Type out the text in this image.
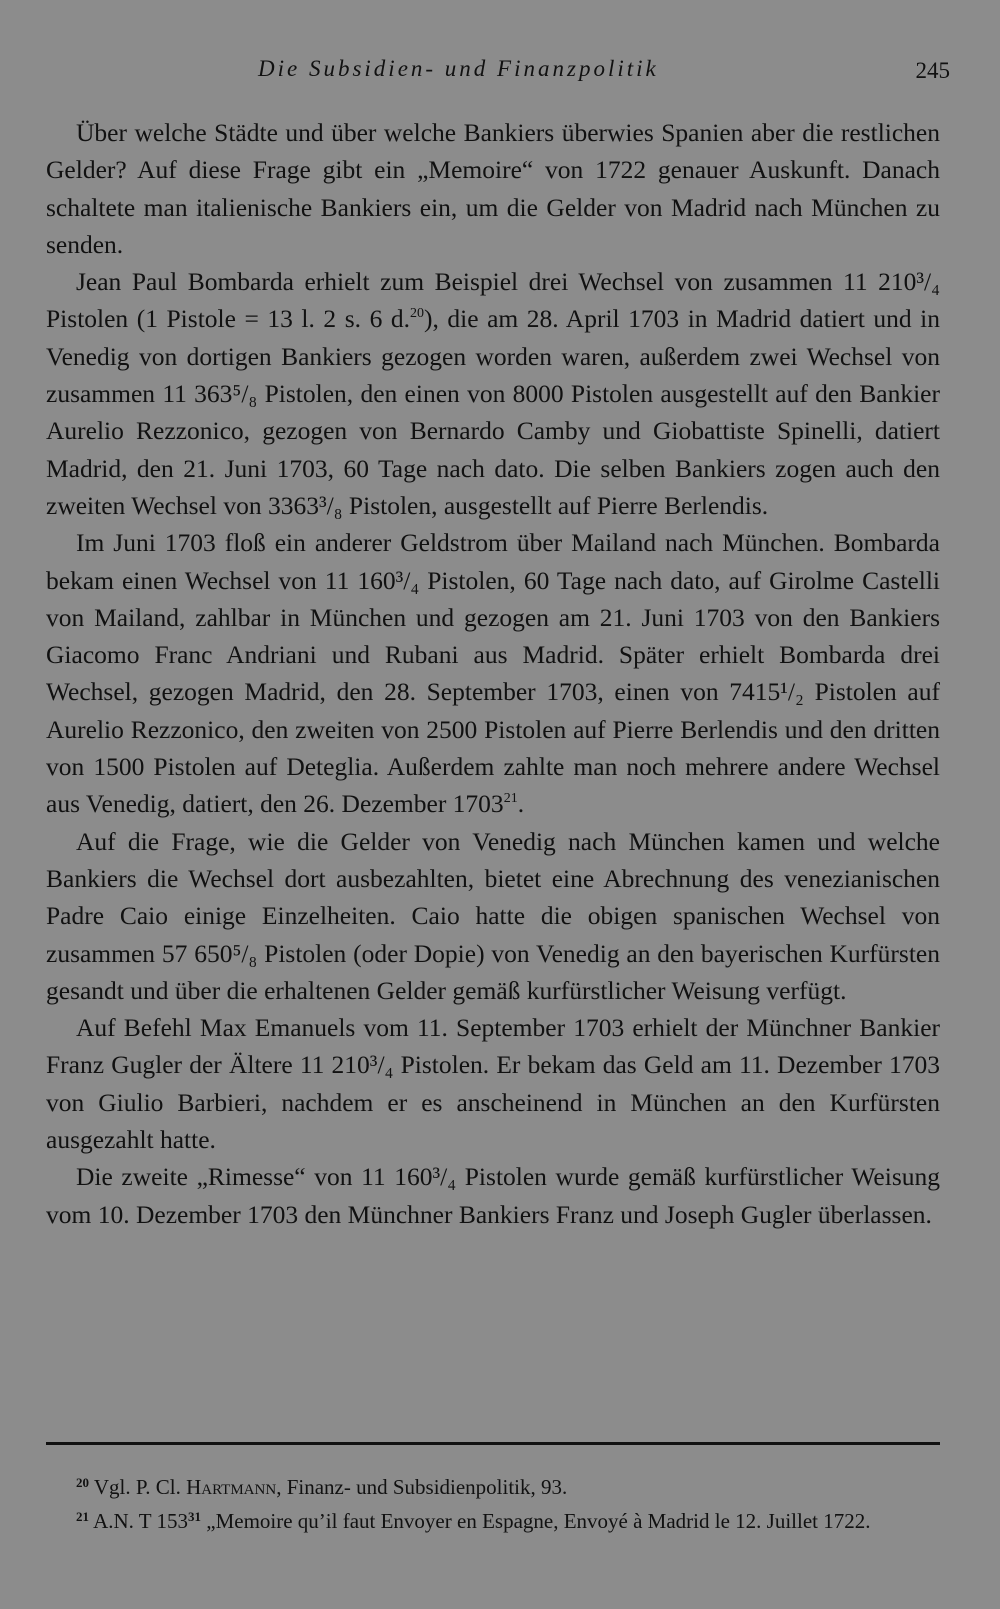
Die Subsidien- und Finanzpolitik	245

Über welche Städte und über welche Bankiers überwies Spanien aber die restlichen Gelder? Auf diese Frage gibt ein „Memoire“ von 1722 genauer Auskunft. Danach schaltete man italienische Bankiers ein, um die Gelder von Madrid nach München zu senden.

Jean Paul Bombarda erhielt zum Beispiel drei Wechsel von zusammen 11 210³/₄ Pistolen (1 Pistole = 13 l. 2 s. 6 d.$^{20}$), die am 28. April 1703 in Madrid datiert und in Venedig von dortigen Bankiers gezogen worden waren, außerdem zwei Wechsel von zusammen 11 363⁵/₈ Pistolen, den einen von 8000 Pistolen ausgestellt auf den Bankier Aurelio Rezzonico, gezogen von Bernardo Camby und Giobattiste Spinelli, datiert Madrid, den 21. Juni 1703, 60 Tage nach dato. Die selben Bankiers zogen auch den zweiten Wechsel von 3363³/₈ Pistolen, ausgestellt auf Pierre Berlendis.

Im Juni 1703 floß ein anderer Geldstrom über Mailand nach München. Bombarda bekam einen Wechsel von 11 160³/₄ Pistolen, 60 Tage nach dato, auf Girolme Castelli von Mailand, zahlbar in München und gezogen am 21. Juni 1703 von den Bankiers Giacomo Franc Andriani und Rubani aus Madrid. Später erhielt Bombarda drei Wechsel, gezogen Madrid, den 28. September 1703, einen von 7415¹/₂ Pistolen auf Aurelio Rezzonico, den zweiten von 2500 Pistolen auf Pierre Berlendis und den dritten von 1500 Pistolen auf Deteglia. Außerdem zahlte man noch mehrere andere Wechsel aus Venedig, datiert, den 26. Dezember 1703$^{21}$.

Auf die Frage, wie die Gelder von Venedig nach München kamen und welche Bankiers die Wechsel dort ausbezahlten, bietet eine Abrechnung des venezianischen Padre Caio einige Einzelheiten. Caio hatte die obigen spanischen Wechsel von zusammen 57 650⁵/₈ Pistolen (oder Dopie) von Venedig an den bayerischen Kurfürsten gesandt und über die erhaltenen Gelder gemäß kurfürstlicher Weisung verfügt.

Auf Befehl Max Emanuels vom 11. September 1703 erhielt der Münchner Bankier Franz Gugler der Ältere 11 210³/₄ Pistolen. Er bekam das Geld am 11. Dezember 1703 von Giulio Barbieri, nachdem er es anscheinend in München an den Kurfürsten ausgezahlt hatte.

Die zweite „Rimesse“ von 11 160³/₄ Pistolen wurde gemäß kurfürstlicher Weisung vom 10. Dezember 1703 den Münchner Bankiers Franz und Joseph Gugler überlassen.

$^{20}$ Vgl. P. Cl. Hartmann, Finanz- und Subsidienpolitik, 93.

$^{21}$ A.N. T 153$^{31}$ „Memoire qu’il faut Envoyer en Espagne, Envoyé à Madrid le 12. Juillet 1722.
